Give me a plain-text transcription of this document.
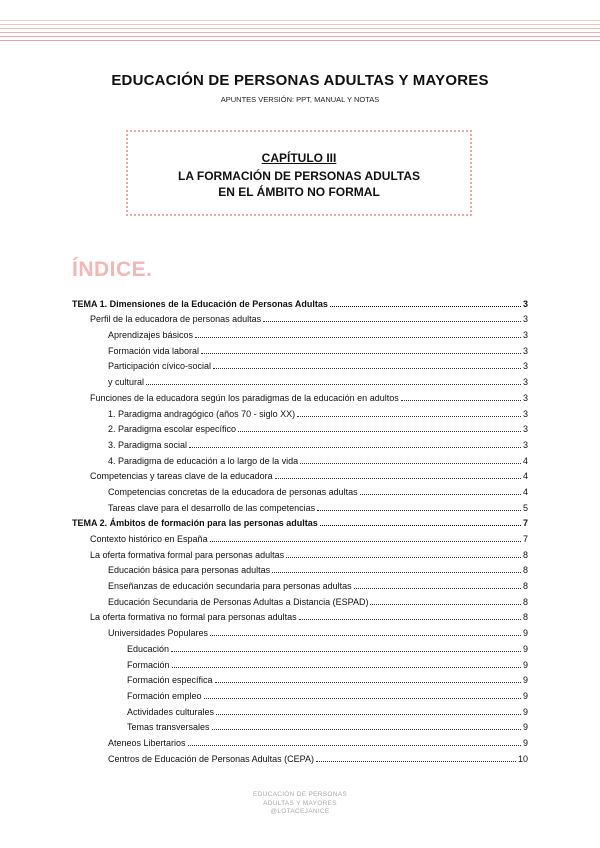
EDUCACIÓN DE PERSONAS ADULTAS Y MAYORES
APUNTES VERSIÓN: PPT, MANUAL Y NOTAS
CAPÍTULO III
LA FORMACIÓN DE PERSONAS ADULTAS
EN EL ÁMBITO NO FORMAL
ÍNDICE.
TEMA 1. Dimensiones de la Educación de Personas Adultas	3
Perfil de la educadora de personas adultas	3
Aprendizajes básicos	3
Formación vida laboral	3
Participación cívico-social	3
y cultural	3
Funciones de la educadora según los paradigmas de la educación en adultos	3
1. Paradigma andragógico (años 70 - siglo XX)	3
2. Paradigma escolar específico	3
3. Paradigma social	3
4. Paradigma de educación a lo largo de la vida	4
Competencias y tareas clave de la educadora	4
Competencias concretas de la educadora de personas adultas	4
Tareas clave para el desarrollo de las competencias	5
TEMA 2. Ámbitos de formación para las personas adultas	7
Contexto histórico en España	7
La oferta formativa formal para personas adultas	8
Educación básica para personas adultas	8
Enseñanzas de educación secundaria para personas adultas	8
Educación Secundaria de Personas Adultas a Distancia (ESPAD)	8
La oferta formativa no formal para personas adultas	8
Universidades Populares	9
Educación	9
Formación	9
Formación específica	9
Formación empleo	9
Actividades culturales	9
Temas transversales	9
Ateneos Libertarios	9
Centros de Educación de Personas Adultas (CEPA)	10
EDUCACIÓN DE PERSONAS
ADULTAS Y MAYORES
@LOTACEJANICE
